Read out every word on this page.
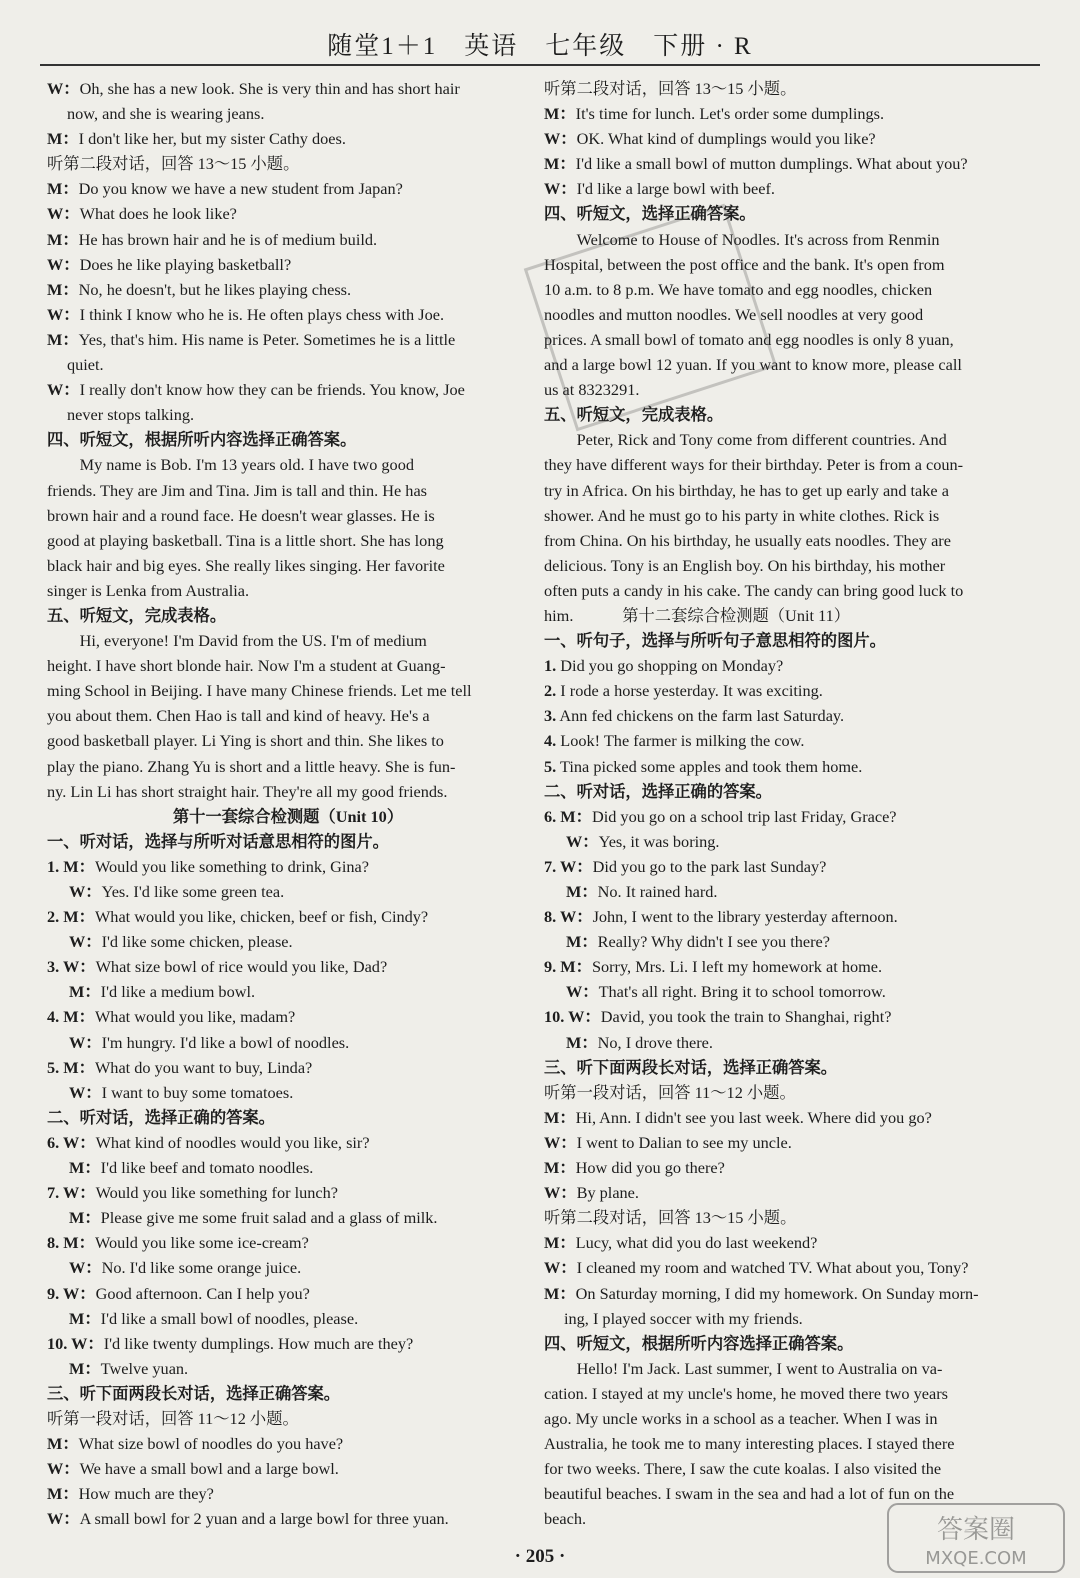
随堂1＋1　英语　七年级　下册 · R
W：Oh, she has a new look. She is very thin and has short hair
now, and she is wearing jeans.
M：I don't like her, but my sister Cathy does.
听第二段对话，回答 13～15 小题。
M：Do you know we have a new student from Japan?
W：What does he look like?
M：He has brown hair and he is of medium build.
W：Does he like playing basketball?
M：No, he doesn't, but he likes playing chess.
W：I think I know who he is. He often plays chess with Joe.
M：Yes, that's him. His name is Peter. Sometimes he is a little
quiet.
W：I really don't know how they can be friends. You know, Joe
never stops talking.
四、听短文，根据所听内容选择正确答案。
My name is Bob. I'm 13 years old. I have two good
friends. They are Jim and Tina. Jim is tall and thin. He has
brown hair and a round face. He doesn't wear glasses. He is
good at playing basketball. Tina is a little short. She has long
black hair and big eyes. She really likes singing. Her favorite
singer is Lenka from Australia.
五、听短文，完成表格。
Hi, everyone! I'm David from the US. I'm of medium
height. I have short blonde hair. Now I'm a student at Guang-
ming School in Beijing. I have many Chinese friends. Let me tell
you about them. Chen Hao is tall and kind of heavy. He's a
good basketball player. Li Ying is short and thin. She likes to
play the piano. Zhang Yu is short and a little heavy. She is fun-
ny. Lin Li has short straight hair. They're all my good friends.
第十一套综合检测题（Unit 10）
一、听对话，选择与所听对话意思相符的图片。
1. M：Would you like something to drink, Gina?
W：Yes. I'd like some green tea.
2. M：What would you like, chicken, beef or fish, Cindy?
W：I'd like some chicken, please.
3. W：What size bowl of rice would you like, Dad?
M：I'd like a medium bowl.
4. M：What would you like, madam?
W：I'm hungry. I'd like a bowl of noodles.
5. M：What do you want to buy, Linda?
W：I want to buy some tomatoes.
二、听对话，选择正确的答案。
6. W：What kind of noodles would you like, sir?
M：I'd like beef and tomato noodles.
7. W：Would you like something for lunch?
M：Please give me some fruit salad and a glass of milk.
8. M：Would you like some ice-cream?
W：No. I'd like some orange juice.
9. W：Good afternoon. Can I help you?
M：I'd like a small bowl of noodles, please.
10. W：I'd like twenty dumplings. How much are they?
M：Twelve yuan.
三、听下面两段长对话，选择正确答案。
听第一段对话，回答 11～12 小题。
M：What size bowl of noodles do you have?
W：We have a small bowl and a large bowl.
M：How much are they?
W：A small bowl for 2 yuan and a large bowl for three yuan.
听第二段对话，回答 13～15 小题。
M：It's time for lunch. Let's order some dumplings.
W：OK. What kind of dumplings would you like?
M：I'd like a small bowl of mutton dumplings. What about you?
W：I'd like a large bowl with beef.
四、听短文，选择正确答案。
Welcome to House of Noodles. It's across from Renmin
Hospital, between the post office and the bank. It's open from
10 a.m. to 8 p.m. We have tomato and egg noodles, chicken
noodles and mutton noodles. We sell noodles at very good
prices. A small bowl of tomato and egg noodles is only 8 yuan,
and a large bowl 12 yuan. If you want to know more, please call
us at 8323291.
五、听短文，完成表格。
Peter, Rick and Tony come from different countries. And
they have different ways for their birthday. Peter is from a coun-
try in Africa. On his birthday, he has to get up early and take a
shower. And he must go to his party in white clothes. Rick is
from China. On his birthday, he usually eats noodles. They are
delicious. Tony is an English boy. On his birthday, his mother
often puts a candy in his cake. The candy can bring good luck to
him.　　　第十二套综合检测题（Unit 11）
一、听句子，选择与所听句子意思相符的图片。
1. Did you go shopping on Monday?
2. I rode a horse yesterday. It was exciting.
3. Ann fed chickens on the farm last Saturday.
4. Look! The farmer is milking the cow.
5. Tina picked some apples and took them home.
二、听对话，选择正确的答案。
6. M：Did you go on a school trip last Friday, Grace?
W：Yes, it was boring.
7. W：Did you go to the park last Sunday?
M：No. It rained hard.
8. W：John, I went to the library yesterday afternoon.
M：Really? Why didn't I see you there?
9. M：Sorry, Mrs. Li. I left my homework at home.
W：That's all right. Bring it to school tomorrow.
10. W：David, you took the train to Shanghai, right?
M：No, I drove there.
三、听下面两段长对话，选择正确答案。
听第一段对话，回答 11～12 小题。
M：Hi, Ann. I didn't see you last week. Where did you go?
W：I went to Dalian to see my uncle.
M：How did you go there?
W：By plane.
听第二段对话，回答 13～15 小题。
M：Lucy, what did you do last weekend?
W：I cleaned my room and watched TV. What about you, Tony?
M：On Saturday morning, I did my homework. On Sunday morn-
ing, I played soccer with my friends.
四、听短文，根据所听内容选择正确答案。
Hello! I'm Jack. Last summer, I went to Australia on va-
cation. I stayed at my uncle's home, he moved there two years
ago. My uncle works in a school as a teacher. When I was in
Australia, he took me to many interesting places. I stayed there
for two weeks. There, I saw the cute koalas. I also visited the
beautiful beaches. I swam in the sea and had a lot of fun on the
beach.
· 205 ·
答案圈
MXQE.COM
